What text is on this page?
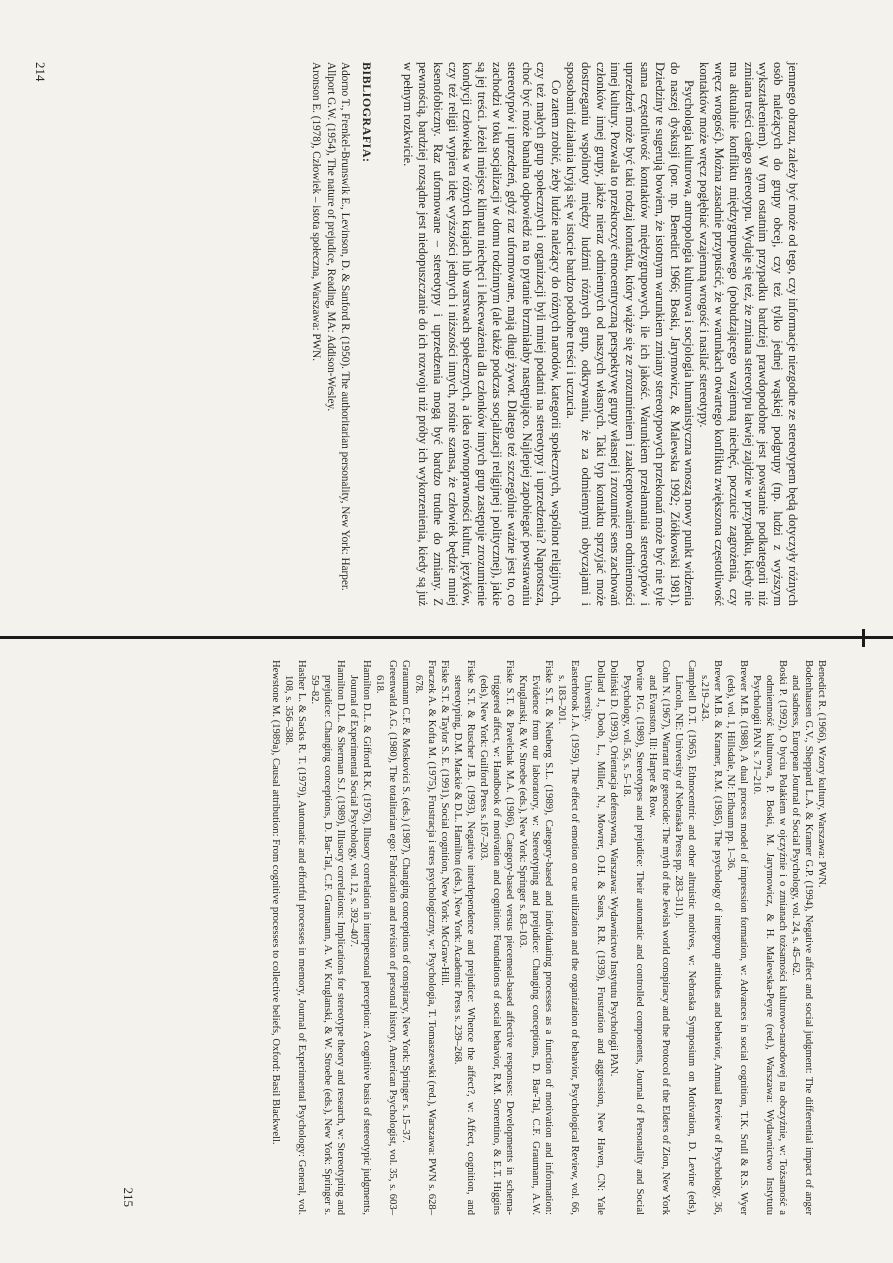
jemnego obrazu, zależy być może od tego, czy informacje niezgodne ze stereotypem będą dotyczyły różnych osób należących do grupy obcej, czy też tylko jednej wąskiej podgrupy (np. ludzi z wyższym wykształceniem). W tym ostatnim przypadku bardziej prawdopodobne jest powstanie podkategorii niż zmiana treści całego stereotypu. Wydaje się też, że zmiana stereotypu łatwiej zajdzie w przypadku, kiedy nie ma aktualnie konfliktu międzygrupowego (pobudzającego wzajemną niechęć, poczucie zagrożenia, czy wręcz wrogość). Można zasadnie przypuścić, że w warunkach otwartego konfliktu zwiększona częstotliwość kontaktów może wręcz pogłębiać wzajemną wrogość i nasilać stereotypy.

Psychologia kulturowa, antropologia kulturowa i socjologia humanistyczna wnoszą nowy punkt widzenia do naszej dyskusji (por. np. Benedict 1966; Boski, Jarymowicz, & Malewska 1992; Ziółkowski 1981). Dziedziny te sugerują bowiem, że istotnym warunkiem zmiany stereotypowych przekonań może być nie tyle sama częstotliwość kontaktów międzygrupowych, ile ich jakość. Warunkiem przełamania stereotypów i uprzedzeń może być taki rodzaj kontaktu, który wiąże się ze zrozumieniem i zaakceptowaniem odmienności innej kultury. Pozwala to przekroczyć etnocentryczną perspektywę grupy własnej i zrozumieć sens zachowań członków innej grupy, jakże nieraz odmiennych od naszych własnych. Taki typ kontaktu sprzyjać może dostrzeganiu wspólnoty między ludźmi różnych grup, odkrywaniu, że za odmiennymi obyczajami i sposobami działania kryją się w istocie bardzo podobne treści i uczucia.

Co zatem zrobić, żeby ludzie należący do różnych narodów, kategorii społecznych, wspólnot religijnych, czy też małych grup społecznych i organizacji byli mniej podatni na stereotypy i uprzedzenia? Naprostsza, choć być może banalna odpowiedź na to pytanie brzmiałaby następująco. Najlepiej zapobiegać powstawaniu stereotypów i uprzedzeń, gdyż raz uformowane, mają długi żywot. Dlatego też szczególnie ważne jest to, co zachodzi w toku socjalizacji w domu rodzinnym (ale także podczas socjalizacji religijnej i politycznej), jakie są jej treści. Jeżeli miejsce klimatu niechęci i lekceważenia dla członków innych grup zastępuje zrozumienie kondycji człowieka w różnych krajach lub warstwach społecznych, a idea równoprawności kultur, języków, czy też religii wypiera ideę wyższości jednych i niższości innych, rośnie szansa, że człowiek będzie mniej ksenofobiczny. Raz uformowane – stereotypy i uprzedzenia mogą być bardzo trudne do zmiany. Z pewnością, bardziej rozsądne jest niedopuszczanie do ich rozwoju niż próby ich wykorzenienia, kiedy są już w pełnym rozkwicie.

BIBLIOGRAFIA:
Adorno T., Frenkel-Brunswik E., Levinson, D. & Sanford R. (1950). The authoritarian personality, New York: Harper.
Allport G.W. (1954), The nature of prejudice, Reading, MA: Addison-Wesley.
Aronson E. (1978), Człowiek – istota społeczna, Warszawa: PWN.
214
Benedict R. (1966), Wzory kultury, Warszawa: PWN.
Bodenhausen G.V., Sheppard L.A. & Kramer G.P. (1994), Negative affect and social judgment: The differential impact of anger and sadness, European Journal of Social Psychology, vol. 24, s. 45–62.
Boski P. (1992), O byciu Polakiem w ojczyźnie i o zmianach tożsamości kulturowo-narodowej na obczyźnie, w: Tożsamość a odmienność kulturowa, P. Boski, M. Jarymowicz, & H. Malewska-Peyre (red.), Warszawa: Wydawnictwo Instytutu Psychologii PAN s. 71–210.
Brewer M.B. (1988), A dual process model of impression formation, w: Advances in social cognition, T.K. Srull & R.S. Wyer (eds), vol. 1, Hillsdale, NJ: Erlbaum pp. 1–36.
Brewer M.B. & Kramer, R.M. (1985), The psychology of intergroup attitudes and behavior, Annual Review of Psychology, 36, s.219–243.
Campbell D.T. (1965), Ethnocentric and other altruistic motives, w: Nebraska Symposium on Motivation, D. Levine (eds), Lincoln, NE: University of Nebraska Press pp. 283–311).
Cohn N. (1967), Warrant for genocide: The myth of the Jewish world conspiracy and the Protocol of the Elders of Zion, New York and Evanston, Ill: Harper & Row.
Devine P.G. (1989), Stereotypes and prejudice: Their automatic and controlled components, Journal of Personality and Social Psychology, vol. 56, s. 5–18.
Doliński D. (1993), Orientacja defensywna, Warszawa: Wydawnictwo Instytutu Psychologii PAN.
Dollard J., Doob, L., Miller, N., Mowrer, O.H. & Sears, R.R. (1939), Frustration and aggression, New Haven, CN: Yale University.
Easterbrook J.A. (1959), The effect of emotion on cue utilization and the organization of behavior, Psychological Review, vol. 66, s. 183–201.
Fiske S.T. & Neuberg S.L. (1989), Category-based and individuating processes as a function of motivation and information: Evidence from our laboratory, w: Stereotyping and prejudice: Changing conceptions, D. Bar-Tal, C.F. Graumann, A.W. Kruglanski, & W. Stroebe (eds.), New York: Springer s. 83–103.
Fiske S.T. & Pavelchak M.A. (1986), Category-based versus piecemeal-based affective responses: Developments in schema-triggered affect, w: Handbook of motivation and cognition: Foundations of social behavior, R.M. Sorrentino, & E.T. Higgins (eds), New York: Guilford Press s.167–203.
Fiske S.T. & Ruscher J.B. (1993), Negative interdependence and prejudice: Whence the affect?, w: Affect, cognition, and stereotyping, D.M. Mackie & D.L. Hamilton (eds.), New York: Academic Press s. 239–268.
Fiske S.T. & Taylor S. E. (1991), Social cognition, New York: McGraw-Hill.
Fraczek A. & Kofta M. (1975), Frustracja i stres psychologiczny, w: Psychologia, T. Tomaszewski (red.), Warszawa: PWN s. 628–678.
Graumann C.F. & Moskovici S. (eds.) (1987), Changing conceptions of conspiracy, New York: Springer s. 15–37.
Greenwald A.G. (1980), The totalitarian ego: Fabrication and revision of personal history, American Psychologist, vol. 35, s. 603–618.
Hamilton D.L. & Gifford R.K. (1976), Illusory correlation in interpersonal perception: A cognitive basis of stereotypic judgments, Journal of Experimental Social Psychology, vol. 12, s. 392–407.
Hamilton D.L. & Sherman S.J. (1989), Illusory correlations: Implications for stereotype theory and research, w: Stereotyping and prejudice: Changing conceptions, D. Bar-Tal, C.F. Graumann, A. W. Kruglanski, & W. Stroebe (eds.), New York: Springer s. 59–82.
Hasher L. & Sacks R. T. (1979), Automatic and effortful processes in memory, Journal of Experimental Psychology: General, vol. 108, s. 356–388.
Hewstone M. (1989a), Causal attribution: From cognitive processes to collective beliefs, Oxford: Basil Blackwell.
215
